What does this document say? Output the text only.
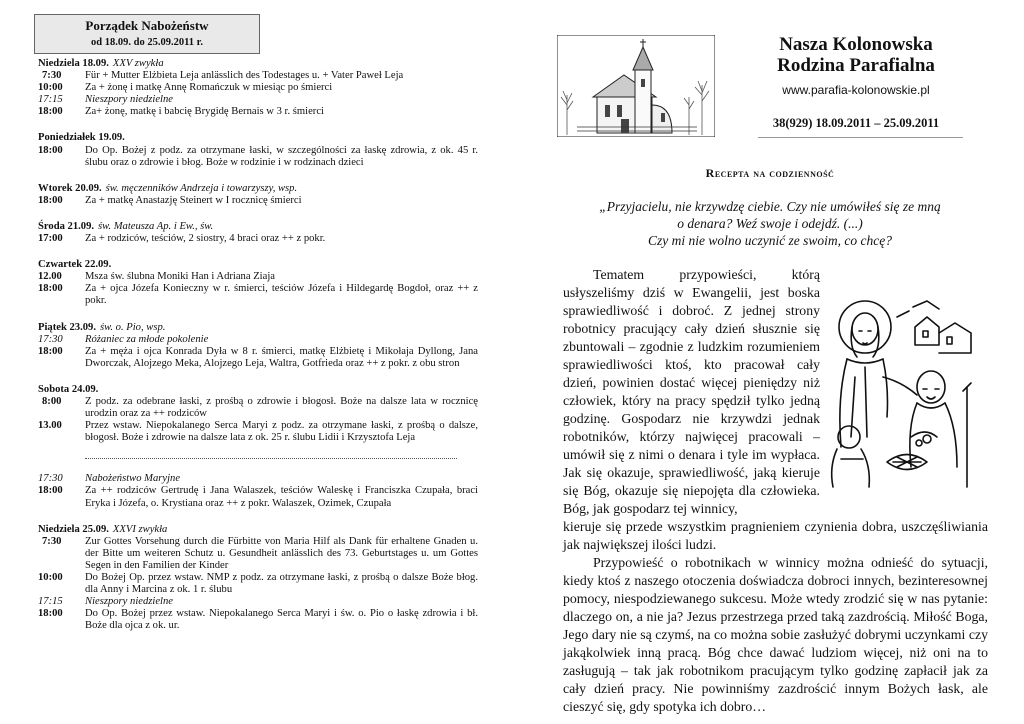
Porządek Nabożeństw
od 18.09. do 25.09.2011 r.
Niedziela 18.09. XXV zwykła
7:30	Für + Mutter Elżbieta Leja anlässlich des Todestages u. + Vater Paweł Leja
10:00	Za + żonę i matkę Annę Romańczuk w miesiąc po śmierci
17:15	Nieszpory niedzielne
18:00	Za+ żonę, matkę i babcię Brygidę Bernais w 3 r. śmierci
Poniedziałek 19.09.
18:00	Do Op. Bożej z podz. za otrzymane łaski, w szczególności za łaskę zdrowia, z ok. 45 r. ślubu oraz o zdrowie i błog. Boże w rodzinie i w rodzinach dzieci
Wtorek 20.09. św. męczenników Andrzeja i towarzyszy, wsp.
18:00	Za + matkę Anastazję Steinert w I rocznicę śmierci
Środa 21.09. św. Mateusza Ap. i Ew., św.
17:00	Za + rodziców, teściów, 2 siostry, 4 braci oraz ++ z pokr.
Czwartek 22.09.
12.00	Msza św. ślubna Moniki Han i Adriana Ziaja
18:00	Za + ojca Józefa Konieczny w r. śmierci, teściów Józefa i Hildegardę Bogdoł, oraz ++ z pokr.
Piątek 23.09. św. o. Pio, wsp.
17:30	Różaniec za młode pokolenie
18:00	Za + męża i ojca Konrada Dyła w 8 r. śmierci, matkę Elżbietę i Mikołaja Dyllong, Jana Dworczak, Alojzego Meka, Alojzego Leja, Waltra, Gotfrieda oraz ++ z pokr. z obu stron
Sobota 24.09.
8:00	Z podz. za odebrane łaski, z prośbą o zdrowie i błogosł. Boże na dalsze lata w rocznicę urodzin oraz za ++ rodziców
13.00	Przez wstaw. Niepokalanego Serca Maryi z podz. za otrzymane łaski, z prośbą o dalsze, błogosł. Boże i zdrowie na dalsze lata z ok. 25 r. ślubu Lidii i Krzysztofa Leja
17:30	Nabożeństwo Maryjne
18:00	Za ++ rodziców Gertrudę i Jana Walaszek, teściów Waleskę i Franciszka Czupała, braci Eryka i Józefa, o. Krystiana oraz ++ z pokr. Walaszek, Ozimek, Czupała
Niedziela 25.09. XXVI zwykła
7:30	Zur Gottes Vorsehung durch die Fürbitte von Maria Hilf als Dank für erhaltene Gnaden u. der Bitte um weiteren Schutz u. Gesundheit anlässlich des 73. Geburtstages u. um Gottes Segen in den Familien der Kinder
10:00	Do Bożej Op. przez wstaw. NMP z podz. za otrzymane łaski, z prośbą o dalsze Boże błog. dla Anny i Marcina z ok. 1 r. ślubu
17:15	Nieszpory niedzielne
18:00	Do Op. Bożej przez wstaw. Niepokalanego Serca Maryi i św. o. Pio o łaskę zdrowia i bł. Boże dla ojca z ok. ur.
Nasza Kolonowska
Rodzina Parafialna
www.parafia-kolonowskie.pl
38(929) 18.09.2011 – 25.09.2011
Recepta na codzienność
„Przyjacielu, nie krzywdzę ciebie. Czy nie umówiłeś się ze mną
o denara? Weź swoje i odejdź. (...)
Czy mi nie wolno uczynić ze swoim, co chcę?

Tematem przypowieści, którą usłyszeliśmy dziś w Ewangelii, jest boska sprawiedliwość i dobroć. Z jednej strony robotnicy pracujący cały dzień słusznie się zbuntowali – zgodnie z ludzkim rozumieniem sprawiedliwości ktoś, kto pracował cały dzień, powinien dostać więcej pieniędzy niż człowiek, który na pracy spędził tylko jedną godzinę. Gospodarz nie krzywdzi jednak robotników, którzy najwięcej pracowali – umówił się z nimi o denara i tyle im wypłaca. Jak się okazuje, sprawiedliwość, jaką kieruje się Bóg, okazuje się niepojęta dla człowieka. Bóg, jak gospodarz tej winnicy,

kieruje się przede wszystkim pragnieniem czynienia dobra, uszczęśliwiania jak największej ilości ludzi.

Przypowieść o robotnikach w winnicy można odnieść do sytuacji, kiedy ktoś z naszego otoczenia doświadcza dobroci innych, bezinteresownej pomocy, niespodziewanego sukcesu. Może wtedy zrodzić się w nas pytanie: dlaczego on, a nie ja? Jezus przestrzega przed taką zazdrością. Miłość Boga, Jego dary nie są czymś, na co można sobie zasłużyć dobrymi uczynkami czy jakąkolwiek inną pracą. Bóg chce dawać ludziom więcej, niż oni na to zasługują – tak jak robotnikom pracującym tylko godzinę zapłacił jak za cały dzień pracy. Nie powinniśmy zazdrościć innym Bożych łask, ale cieszyć się, gdy spotyka ich dobro…
